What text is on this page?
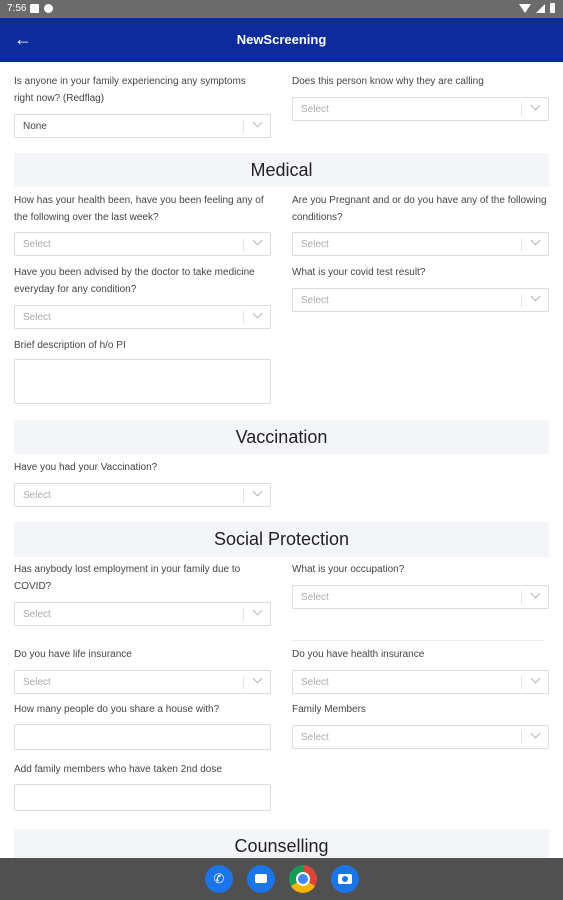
7:56
←	NewScreening
Is anyone in your family experiencing any symptoms right now? (Redflag)
None
Does this person know why they are calling
Select
Medical
How has your health been, have you been feeling any of the following over the last week?
Select
Are you Pregnant and or do you have any of the following conditions?
Select
Have you been advised by the doctor to take medicine everyday for any condition?
Select
What is your covid test result?
Select
Brief description of h/o PI
Vaccination
Have you had your Vaccination?
Select
Social Protection
Has anybody lost employment in your family due to COVID?
Select
What is your occupation?
Select
Do you have life insurance
Select
Do you have health insurance
Select
How many people do you share a house with?	Family Members
Select
Add family members who have taken 2nd dose
Counselling
✆
